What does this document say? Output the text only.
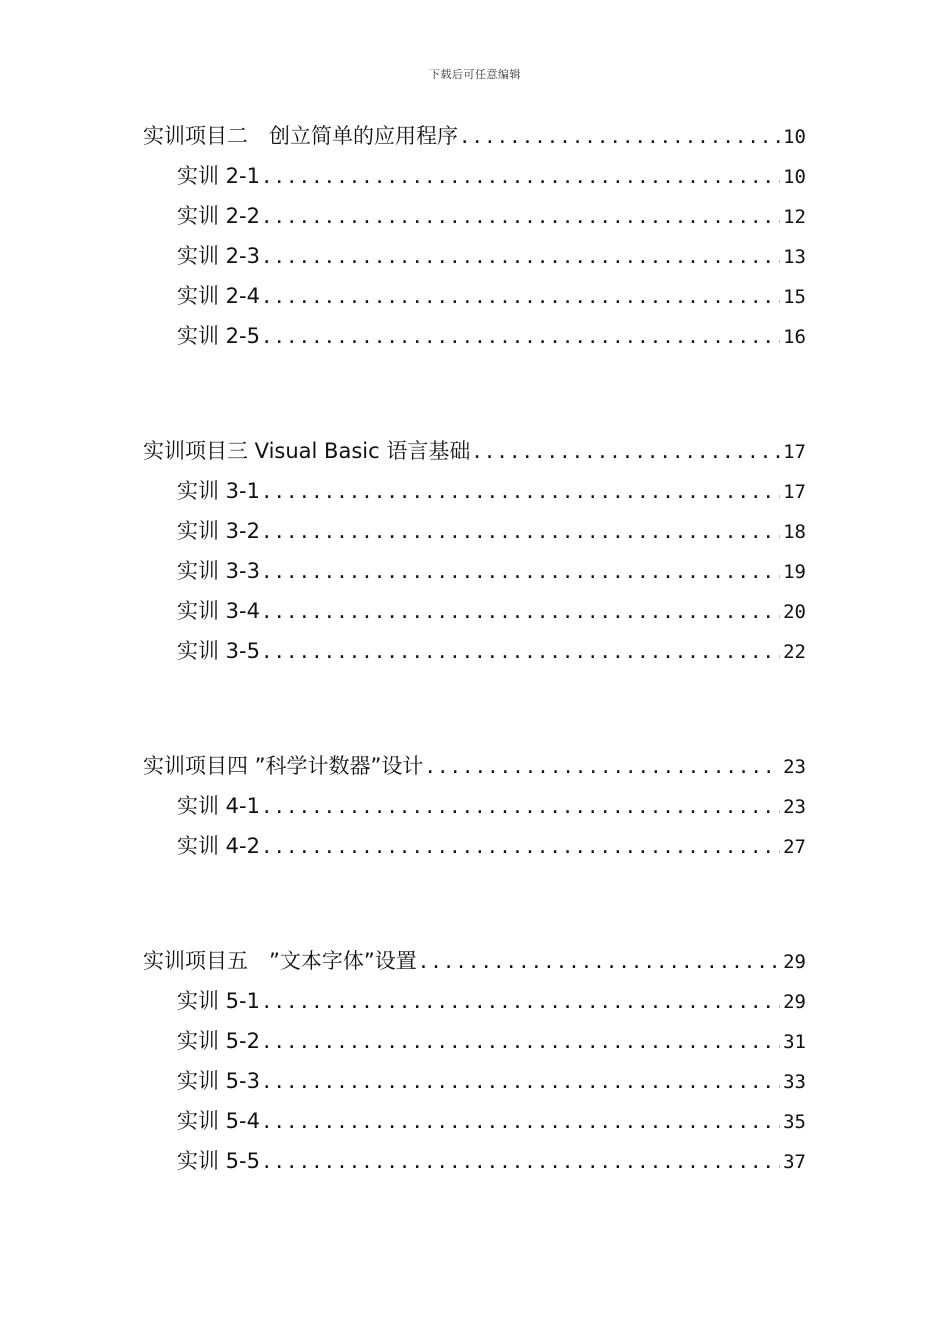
下载后可任意编辑
实训项目二　创立简单的应用程序 .....	10
实训 2-1 .....	10
实训 2-2 .....	12
实训 2-3 .....	13
实训 2-4 .....	15
实训 2-5 .....	16
实训项目三 Visual Basic 语言基础 .....	17
实训 3-1 .....	17
实训 3-2 .....	18
实训 3-3 .....	19
实训 3-4 .....	20
实训 3-5 .....	22
实训项目四 ”科学计数器”设计 .....	23
实训 4-1 .....	23
实训 4-2 .....	27
实训项目五　”文本字体”设置 .....	29
实训 5-1 .....	29
实训 5-2 .....	31
实训 5-3 .....	33
实训 5-4 .....	35
实训 5-5 .....	37
